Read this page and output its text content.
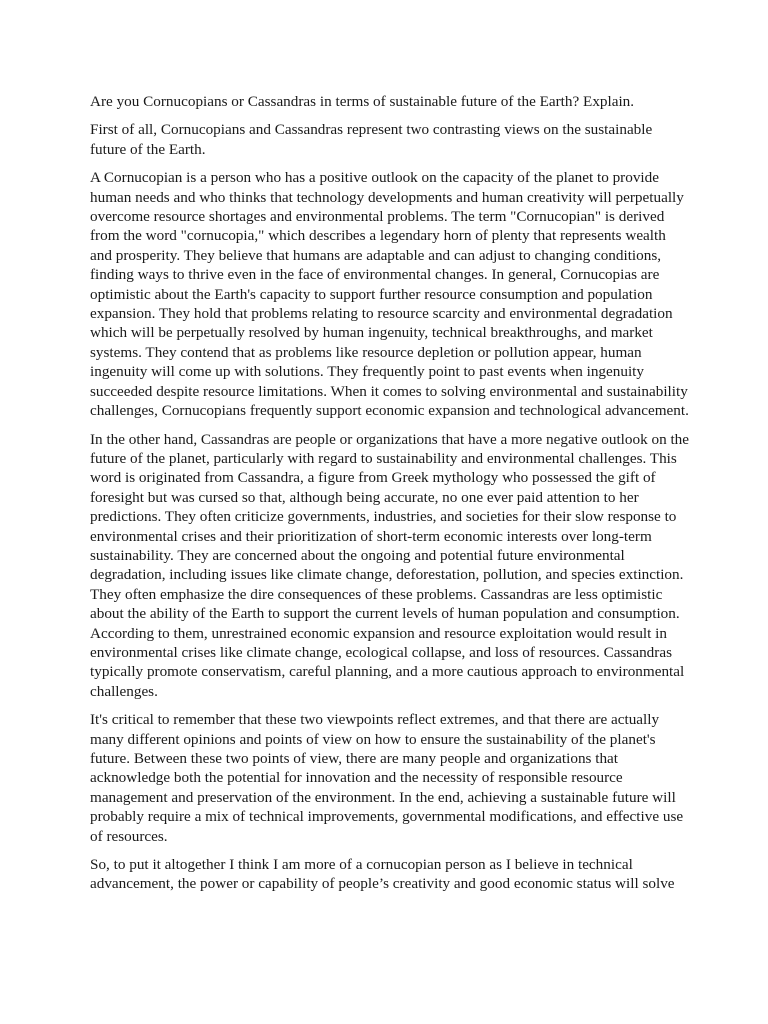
Are you Cornucopians or Cassandras in terms of sustainable future of the Earth? Explain.

First of all, Cornucopians and Cassandras represent two contrasting views on the sustainable future of the Earth.

A Cornucopian is a person who has a positive outlook on the capacity of the planet to provide human needs and who thinks that technology developments and human creativity will perpetually overcome resource shortages and environmental problems. The term "Cornucopian" is derived from the word "cornucopia," which describes a legendary horn of plenty that represents wealth and prosperity. They believe that humans are adaptable and can adjust to changing conditions, finding ways to thrive even in the face of environmental changes. In general, Cornucopias are optimistic about the Earth's capacity to support further resource consumption and population expansion. They hold that problems relating to resource scarcity and environmental degradation which will be perpetually resolved by human ingenuity, technical breakthroughs, and market systems. They contend that as problems like resource depletion or pollution appear, human ingenuity will come up with solutions. They frequently point to past events when ingenuity succeeded despite resource limitations. When it comes to solving environmental and sustainability challenges, Cornucopians frequently support economic expansion and technological advancement.

In the other hand, Cassandras are people or organizations that have a more negative outlook on the future of the planet, particularly with regard to sustainability and environmental challenges. This word is originated from Cassandra, a figure from Greek mythology who possessed the gift of foresight but was cursed so that, although being accurate, no one ever paid attention to her predictions. They often criticize governments, industries, and societies for their slow response to environmental crises and their prioritization of short-term economic interests over long-term sustainability. They are concerned about the ongoing and potential future environmental degradation, including issues like climate change, deforestation, pollution, and species extinction. They often emphasize the dire consequences of these problems. Cassandras are less optimistic about the ability of the Earth to support the current levels of human population and consumption. According to them, unrestrained economic expansion and resource exploitation would result in environmental crises like climate change, ecological collapse, and loss of resources. Cassandras typically promote conservatism, careful planning, and a more cautious approach to environmental challenges.

It's critical to remember that these two viewpoints reflect extremes, and that there are actually many different opinions and points of view on how to ensure the sustainability of the planet's future. Between these two points of view, there are many people and organizations that acknowledge both the potential for innovation and the necessity of responsible resource management and preservation of the environment. In the end, achieving a sustainable future will probably require a mix of technical improvements, governmental modifications, and effective use of resources.

So, to put it altogether I think I am more of a cornucopian person as I believe in technical advancement, the power or capability of people’s creativity and good economic status will solve
